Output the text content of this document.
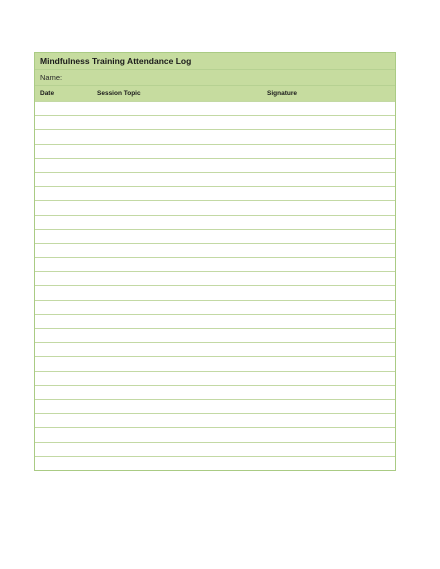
Mindfulness Training Attendance Log
Name:
Date	Session Topic	Signature
